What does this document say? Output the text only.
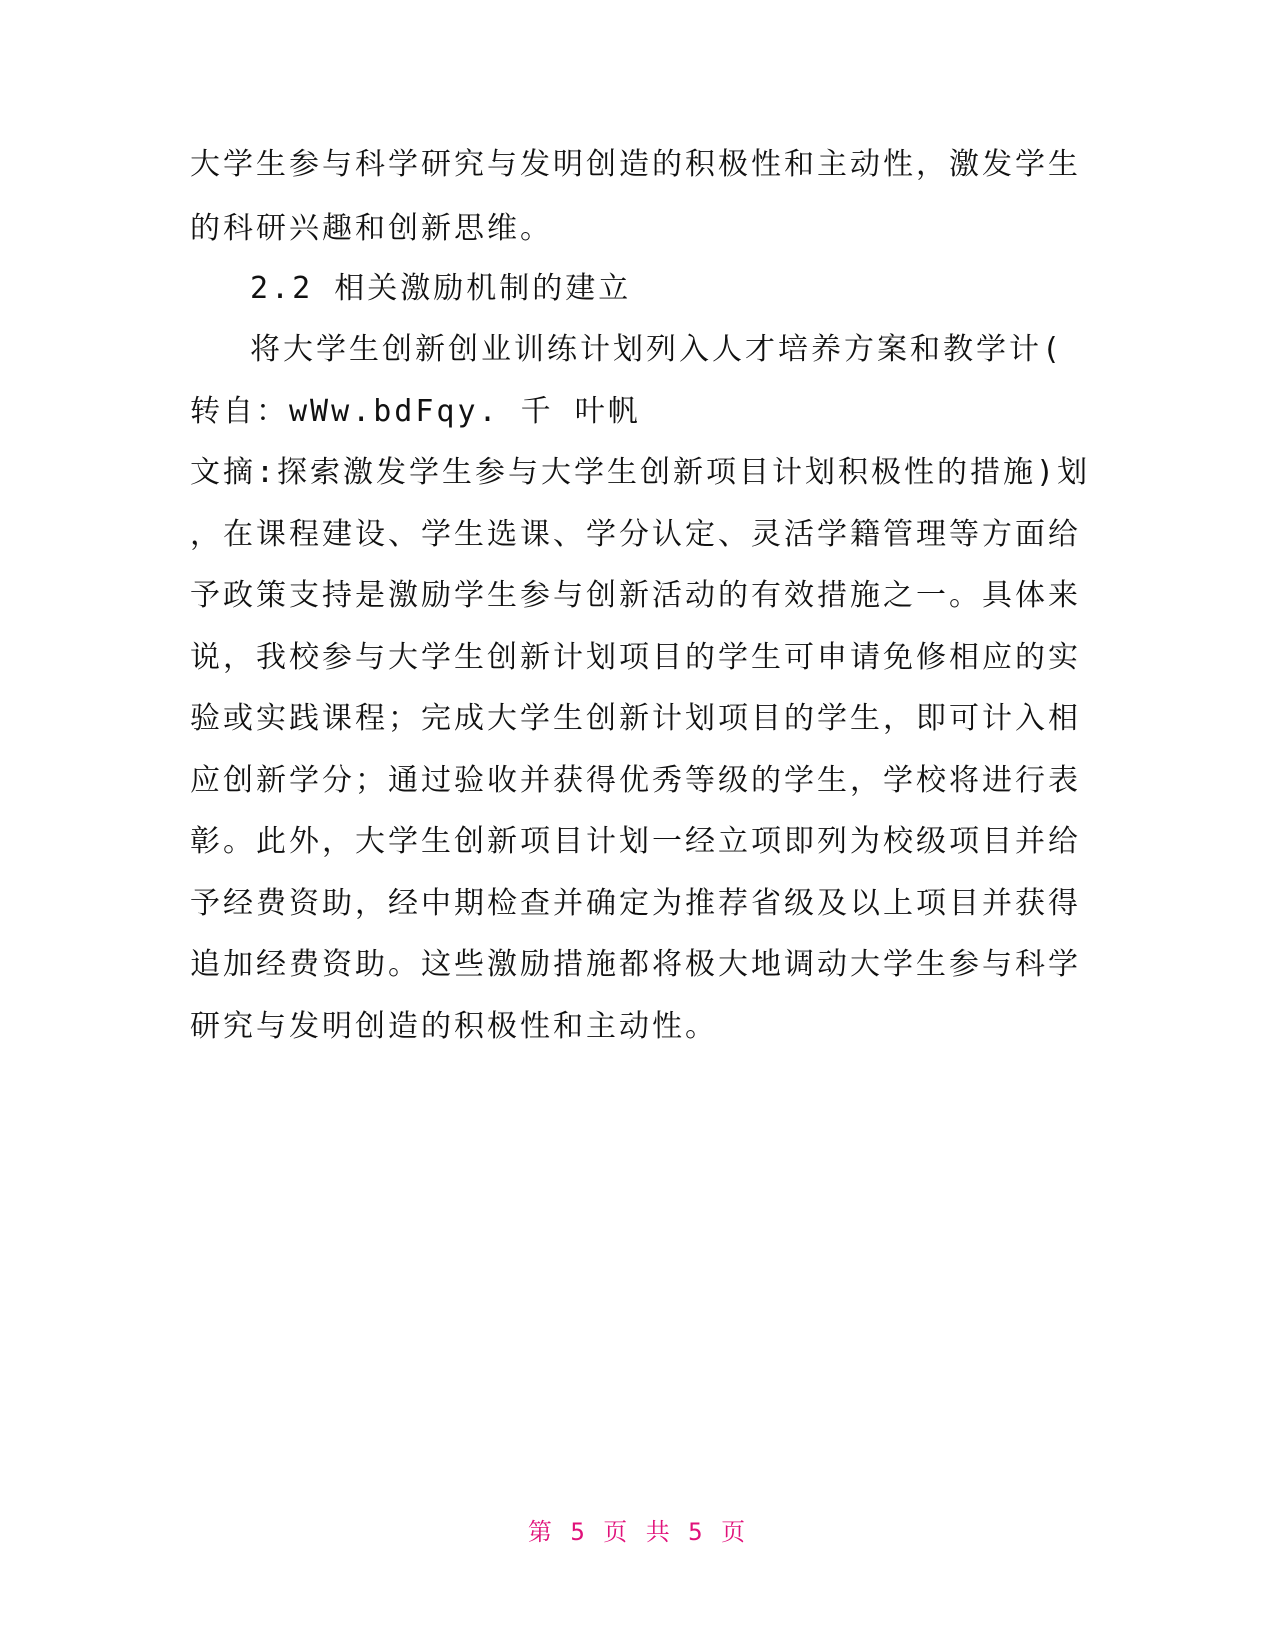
大学生参与科学研究与发明创造的积极性和主动性，激发学生
的科研兴趣和创新思维。
2.2 相关激励机制的建立
将大学生创新创业训练计划列入人才培养方案和教学计(
转自：wWw.bdFqy. 千 叶帆
文摘:探索激发学生参与大学生创新项目计划积极性的措施)划
，在课程建设、学生选课、学分认定、灵活学籍管理等方面给
予政策支持是激励学生参与创新活动的有效措施之一。具体来
说，我校参与大学生创新计划项目的学生可申请免修相应的实
验或实践课程；完成大学生创新计划项目的学生，即可计入相
应创新学分；通过验收并获得优秀等级的学生，学校将进行表
彰。此外，大学生创新项目计划一经立项即列为校级项目并给
予经费资助，经中期检查并确定为推荐省级及以上项目并获得
追加经费资助。这些激励措施都将极大地调动大学生参与科学
研究与发明创造的积极性和主动性。
第 5 页 共 5 页
